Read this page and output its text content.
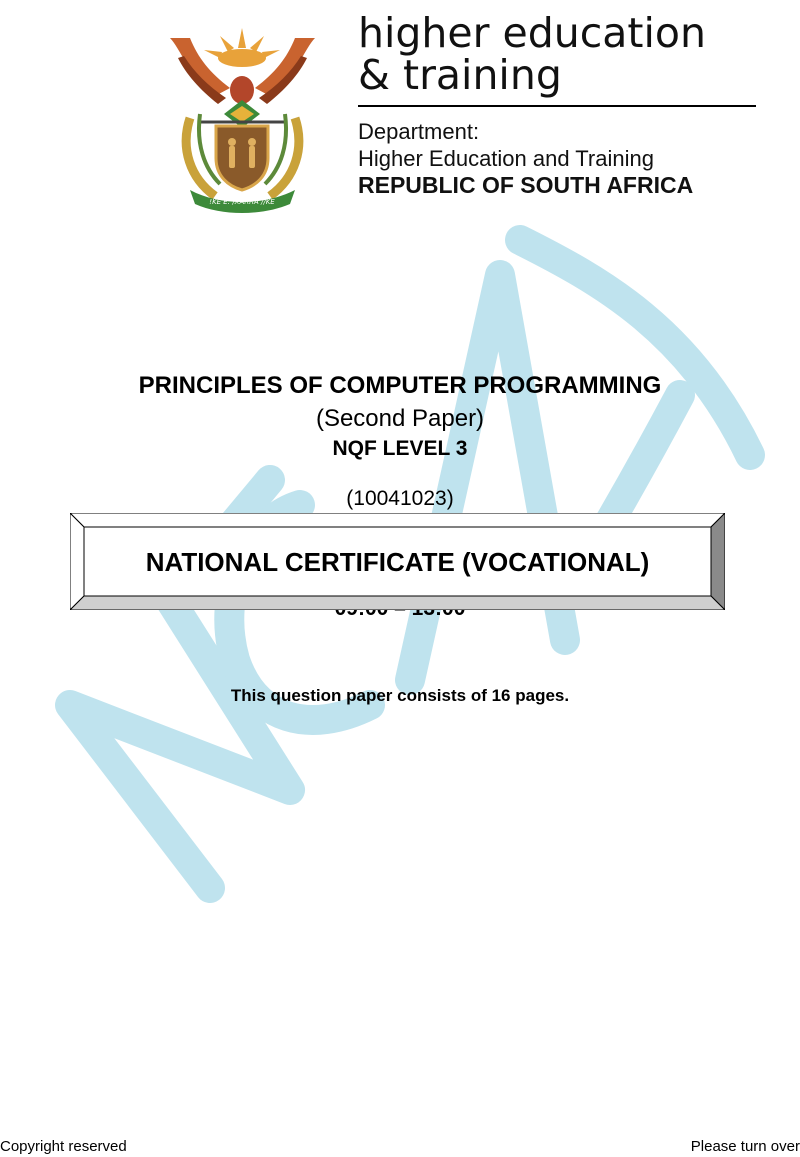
!KE E: /XARRA //KE
higher education
& training
Department:
Higher Education and Training
REPUBLIC OF SOUTH AFRICA
PRINCIPLES OF COMPUTER PROGRAMMING
(Second Paper)
NQF LEVEL 3
(10041023)
NATIONAL CERTIFICATE (VOCATIONAL)
This question paper consists of 16 pages.
Copyright reserved	Please turn over
